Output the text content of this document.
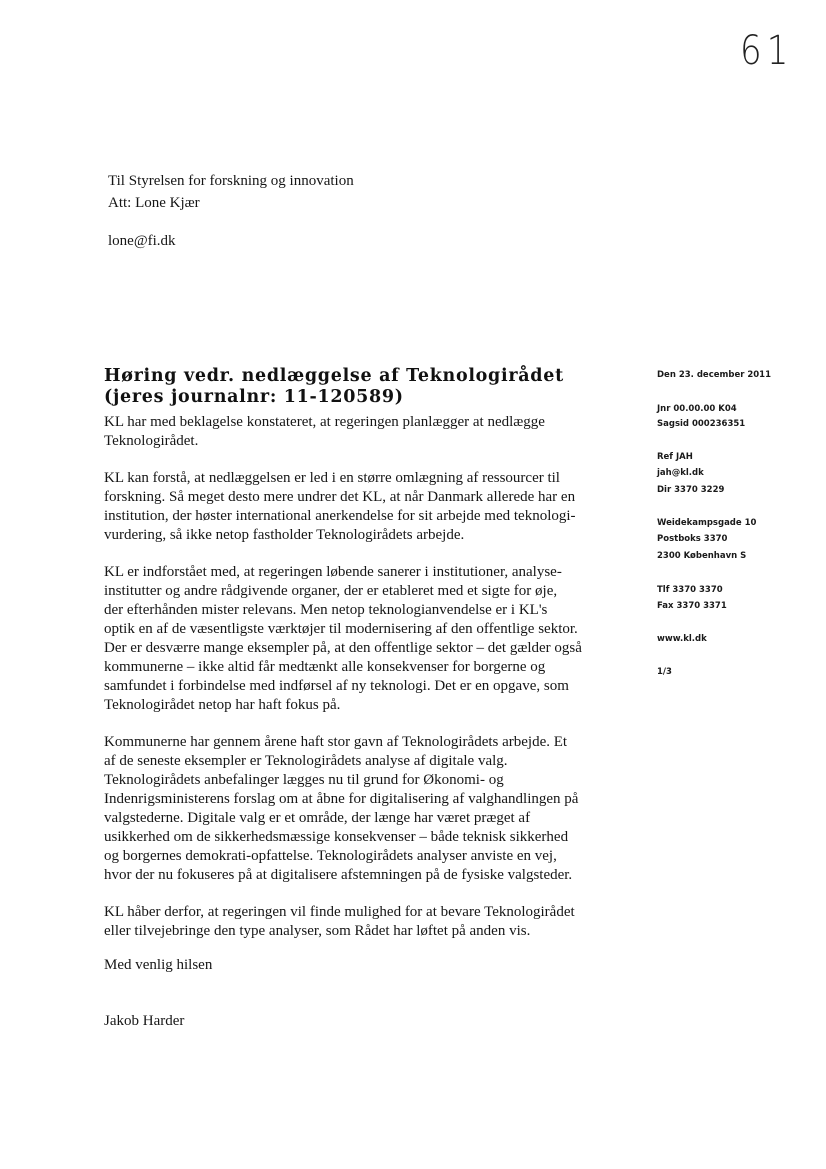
61
Til Styrelsen for forskning og innovation
Att: Lone Kjær
lone@fi.dk
Høring vedr. nedlæggelse af Teknologirådet (jeres journalnr: 11-120589)

KL har med beklagelse konstateret, at regeringen planlægger at nedlægge
Teknologirådet.

KL kan forstå, at nedlæggelsen er led i en større omlægning af ressourcer til
forskning. Så meget desto mere undrer det KL, at når Danmark allerede har en
institution, der høster international anerkendelse for sit arbejde med teknologi-
vurdering, så ikke netop fastholder Teknologirådets arbejde.

KL er indforstået med, at regeringen løbende sanerer i institutioner, analyse-
institutter og andre rådgivende organer, der er etableret med et sigte for øje,
der efterhånden mister relevans. Men netop teknologianvendelse er i KL's
optik en af de væsentligste værktøjer til modernisering af den offentlige sektor.
Der er desværre mange eksempler på, at den offentlige sektor – det gælder også
kommunerne – ikke altid får medtænkt alle konsekvenser for borgerne og
samfundet i forbindelse med indførsel af ny teknologi. Det er en opgave, som
Teknologirådet netop har haft fokus på.

Kommunerne har gennem årene haft stor gavn af Teknologirådets arbejde. Et
af de seneste eksempler er Teknologirådets analyse af digitale valg.
Teknologirådets anbefalinger lægges nu til grund for Økonomi- og
Indenrigsministerens forslag om at åbne for digitalisering af valghandlingen på
valgstederne. Digitale valg er et område, der længe har været præget af
usikkerhed om de sikkerhedsmæssige konsekvenser – både teknisk sikkerhed
og borgernes demokrati-opfattelse. Teknologirådets analyser anviste en vej,
hvor der nu fokuseres på at digitalisere afstemningen på de fysiske valgsteder.

KL håber derfor, at regeringen vil finde mulighed for at bevare Teknologirådet
eller tilvejebringe den type analyser, som Rådet har løftet på anden vis.

Med venlig hilsen
Jakob Harder
Den 23. december 2011
Jnr 00.00.00 K04
Sagsid 000236351
Ref JAH
jah@kl.dk
Dir 3370 3229
Weidekampsgade 10
Postboks 3370
2300 København S
Tlf 3370 3370
Fax 3370 3371
www.kl.dk
1/3
